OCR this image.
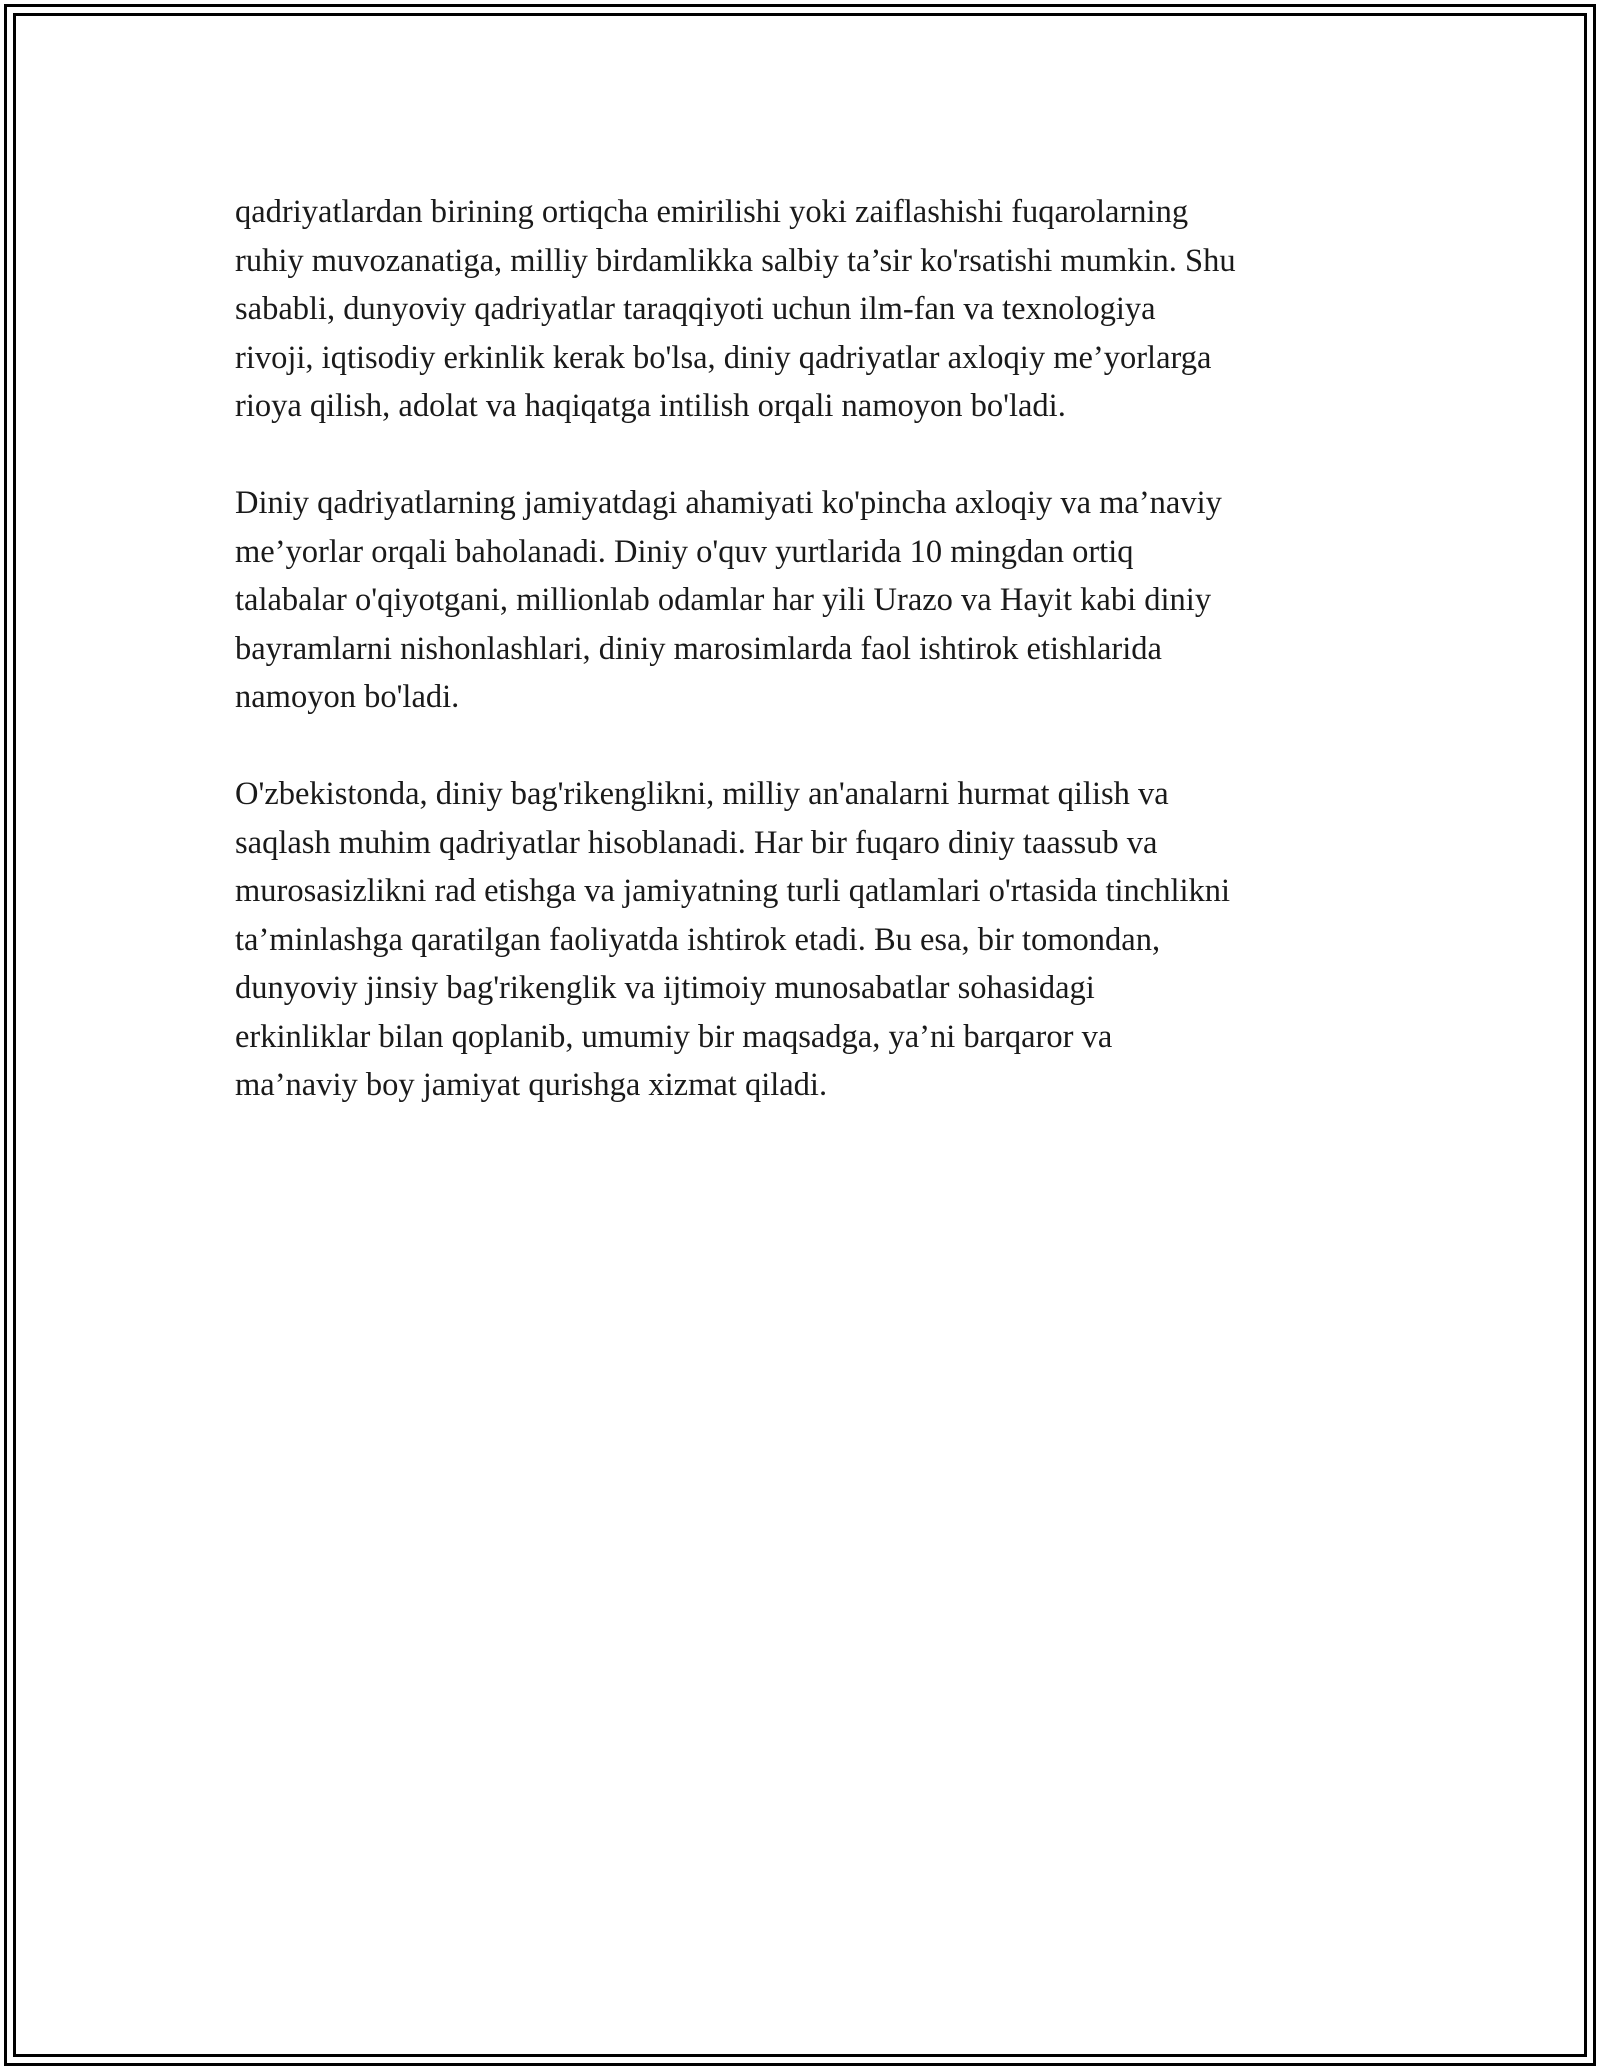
qadriyatlardan birining ortiqcha emirilishi yoki zaiflashishi fuqarolarning
ruhiy muvozanatiga, milliy birdamlikka salbiy ta’sir ko'rsatishi mumkin. Shu
sababli, dunyoviy qadriyatlar taraqqiyoti uchun ilm-fan va texnologiya
rivoji, iqtisodiy erkinlik kerak bo'lsa, diniy qadriyatlar axloqiy me’yorlarga
rioya qilish, adolat va haqiqatga intilish orqali namoyon bo'ladi.

Diniy qadriyatlarning jamiyatdagi ahamiyati ko'pincha axloqiy va ma’naviy
me’yorlar orqali baholanadi. Diniy o'quv yurtlarida 10 mingdan ortiq
talabalar o'qiyotgani, millionlab odamlar har yili Urazo va Hayit kabi diniy
bayramlarni nishonlashlari, diniy marosimlarda faol ishtirok etishlarida
namoyon bo'ladi.

O'zbekistonda, diniy bag'rikenglikni, milliy an'analarni hurmat qilish va
saqlash muhim qadriyatlar hisoblanadi. Har bir fuqaro diniy taassub va
murosasizlikni rad etishga va jamiyatning turli qatlamlari o'rtasida tinchlikni
ta’minlashga qaratilgan faoliyatda ishtirok etadi. Bu esa, bir tomondan,
dunyoviy jinsiy bag'rikenglik va ijtimoiy munosabatlar sohasidagi
erkinliklar bilan qoplanib, umumiy bir maqsadga, ya’ni barqaror va
ma’naviy boy jamiyat qurishga xizmat qiladi.
